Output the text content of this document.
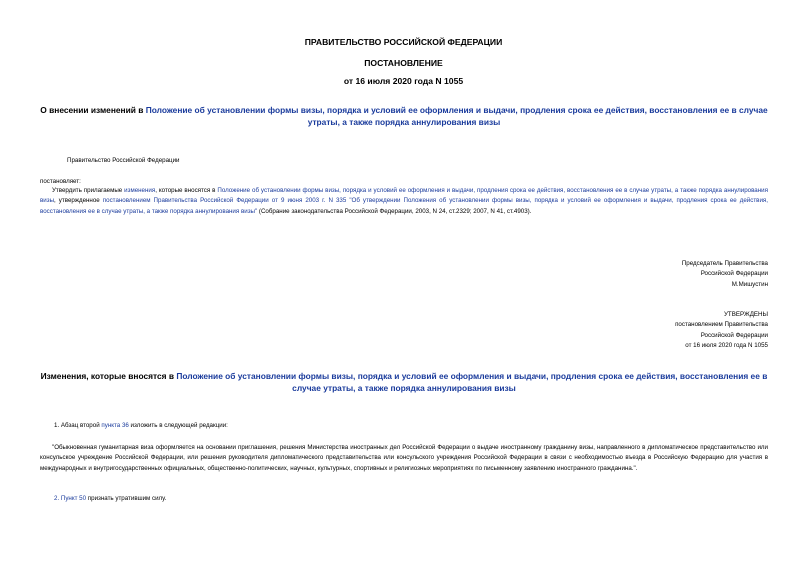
ПРАВИТЕЛЬСТВО РОССИЙСКОЙ ФЕДЕРАЦИИ
ПОСТАНОВЛЕНИЕ
от 16 июля 2020 года N 1055
О внесении изменений в Положение об установлении формы визы, порядка и условий ее оформления и выдачи, продления срока ее действия, восстановления ее в случае утраты, а также порядка аннулирования визы
Правительство Российской Федерации
постановляет:
Утвердить прилагаемые изменения, которые вносятся в Положение об установлении формы визы, порядка и условий ее оформления и выдачи, продления срока ее действия, восстановления ее в случае утраты, а также порядка аннулирования визы, утвержденное постановлением Правительства Российской Федерации от 9 июня 2003 г. N 335 "Об утверждении Положения об установлении формы визы, порядка и условий ее оформления и выдачи, продления срока ее действия, восстановления ее в случае утраты, а также порядка аннулирования визы" (Собрание законодательства Российской Федерации, 2003, N 24, ст.2329; 2007, N 41, ст.4903).
Председатель Правительства
Российской Федерации
М.Мишустин
УТВЕРЖДЕНЫ
постановлением Правительства
Российской Федерации
от 16 июля 2020 года N 1055
Изменения, которые вносятся в Положение об установлении формы визы, порядка и условий ее оформления и выдачи, продления срока ее действия, восстановления ее в случае утраты, а также порядка аннулирования визы
1. Абзац второй пункта 36 изложить в следующей редакции:
"Обыкновенная гуманитарная виза оформляется на основании приглашения, решения Министерства иностранных дел Российской Федерации о выдаче иностранному гражданину визы, направленного в дипломатическое представительство или консульское учреждение Российской Федерации, или решения руководителя дипломатического представительства или консульского учреждения Российской Федерации в связи с необходимостью въезда в Российскую Федерацию для участия в международных и внутригосударственных официальных, общественно-политических, научных, культурных, спортивных и религиозных мероприятиях по письменному заявлению иностранного гражданина.".
2. Пункт 50 признать утратившим силу.
